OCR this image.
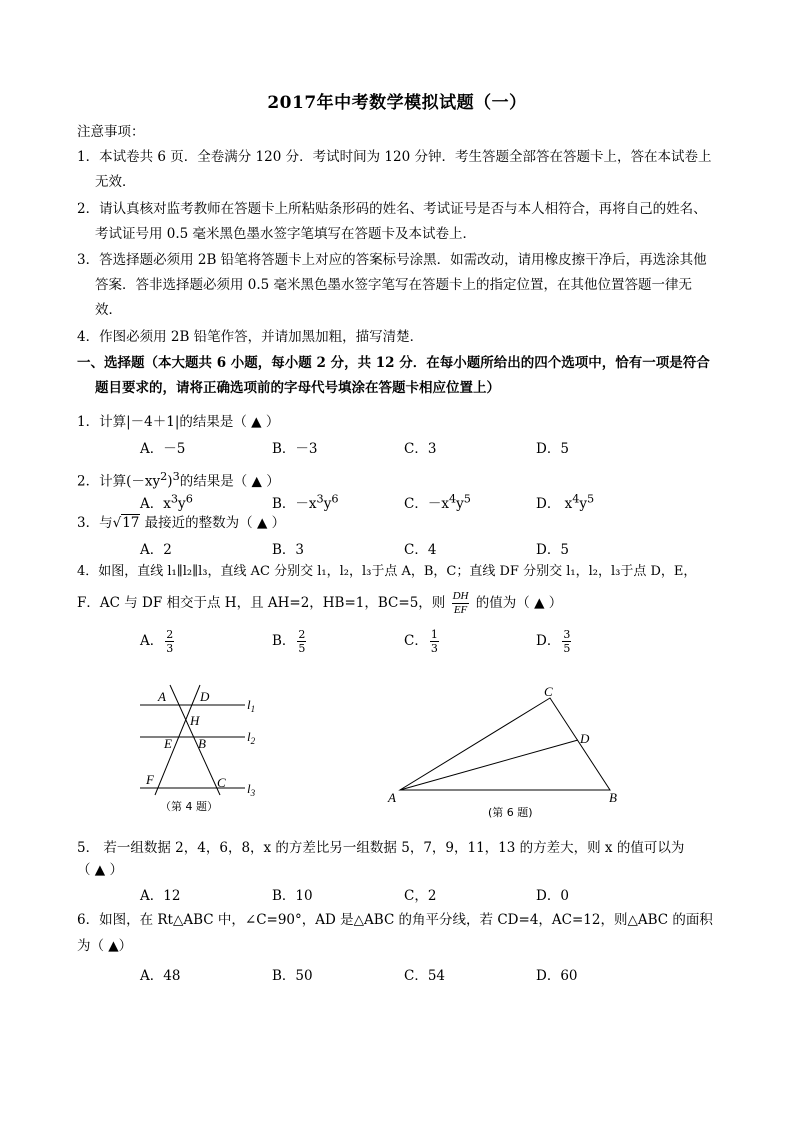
2017年中考数学模拟试题（一）
注意事项：
1．本试卷共 6 页．全卷满分 120 分．考试时间为 120 分钟．考生答题全部答在答题卡上，答在本试卷上
无效．
2．请认真核对监考教师在答题卡上所粘贴条形码的姓名、考试证号是否与本人相符合，再将自己的姓名、
考试证号用 0.5 毫米黑色墨水签字笔填写在答题卡及本试卷上．
3．答选择题必须用 2B 铅笔将答题卡上对应的答案标号涂黑．如需改动，请用橡皮擦干净后，再选涂其他
答案．答非选择题必须用 0.5 毫米黑色墨水签字笔写在答题卡上的指定位置，在其他位置答题一律无
效．
4．作图必须用 2B 铅笔作答，并请加黑加粗，描写清楚．
一、选择题（本大题共 6 小题，每小题 2 分，共 12 分．在每小题所给出的四个选项中，恰有一项是符合
题目要求的，请将正确选项前的字母代号填涂在答题卡相应位置上）
1．计算|－4＋1|的结果是（ ▲ ）
A．－5	B．－3	C．3	D．5
2．计算$(-xy^2)^3$的结果是（ ▲ ）
A．$x^3y^6$	B．$-x^3y^6$	C．$-x^4y^5$	D． $x^4y^5$
3．与√17 最接近的整数为（ ▲ ）
A．2	B．3	C．4	D．5
4．如图，直线 l₁∥l₂∥l₃，直线 AC 分别交 l₁，l₂，l₃于点 A，B，C；直线 DF 分别交 l₁，l₂，l₃于点 D，E，
F．AC 与 DF 相交于点 H，且 AH=2，HB=1，BC=5，则 $\frac{DH}{EF}$ 的值为（ ▲ ）
A． $\frac{2}{3}$	B． $\frac{2}{5}$	C． $\frac{1}{3}$	D． $\frac{3}{5}$
A	D
H
E B
F	C
$l_1$
$l_2$
$l_3$
（第 4 题）
A	B
C
D
(第 6 题)
5． 若一组数据 2，4，6，8，x 的方差比另一组数据 5，7，9，11，13 的方差大，则 x 的值可以为
（ ▲ ）
A．12	B．10	C，2	D．0
6．如图，在 Rt△ABC 中，∠C=90°，AD 是△ABC 的角平分线，若 CD=4，AC=12，则△ABC 的面积
为（ ▲）
A．48	B．50	C．54	D．60
